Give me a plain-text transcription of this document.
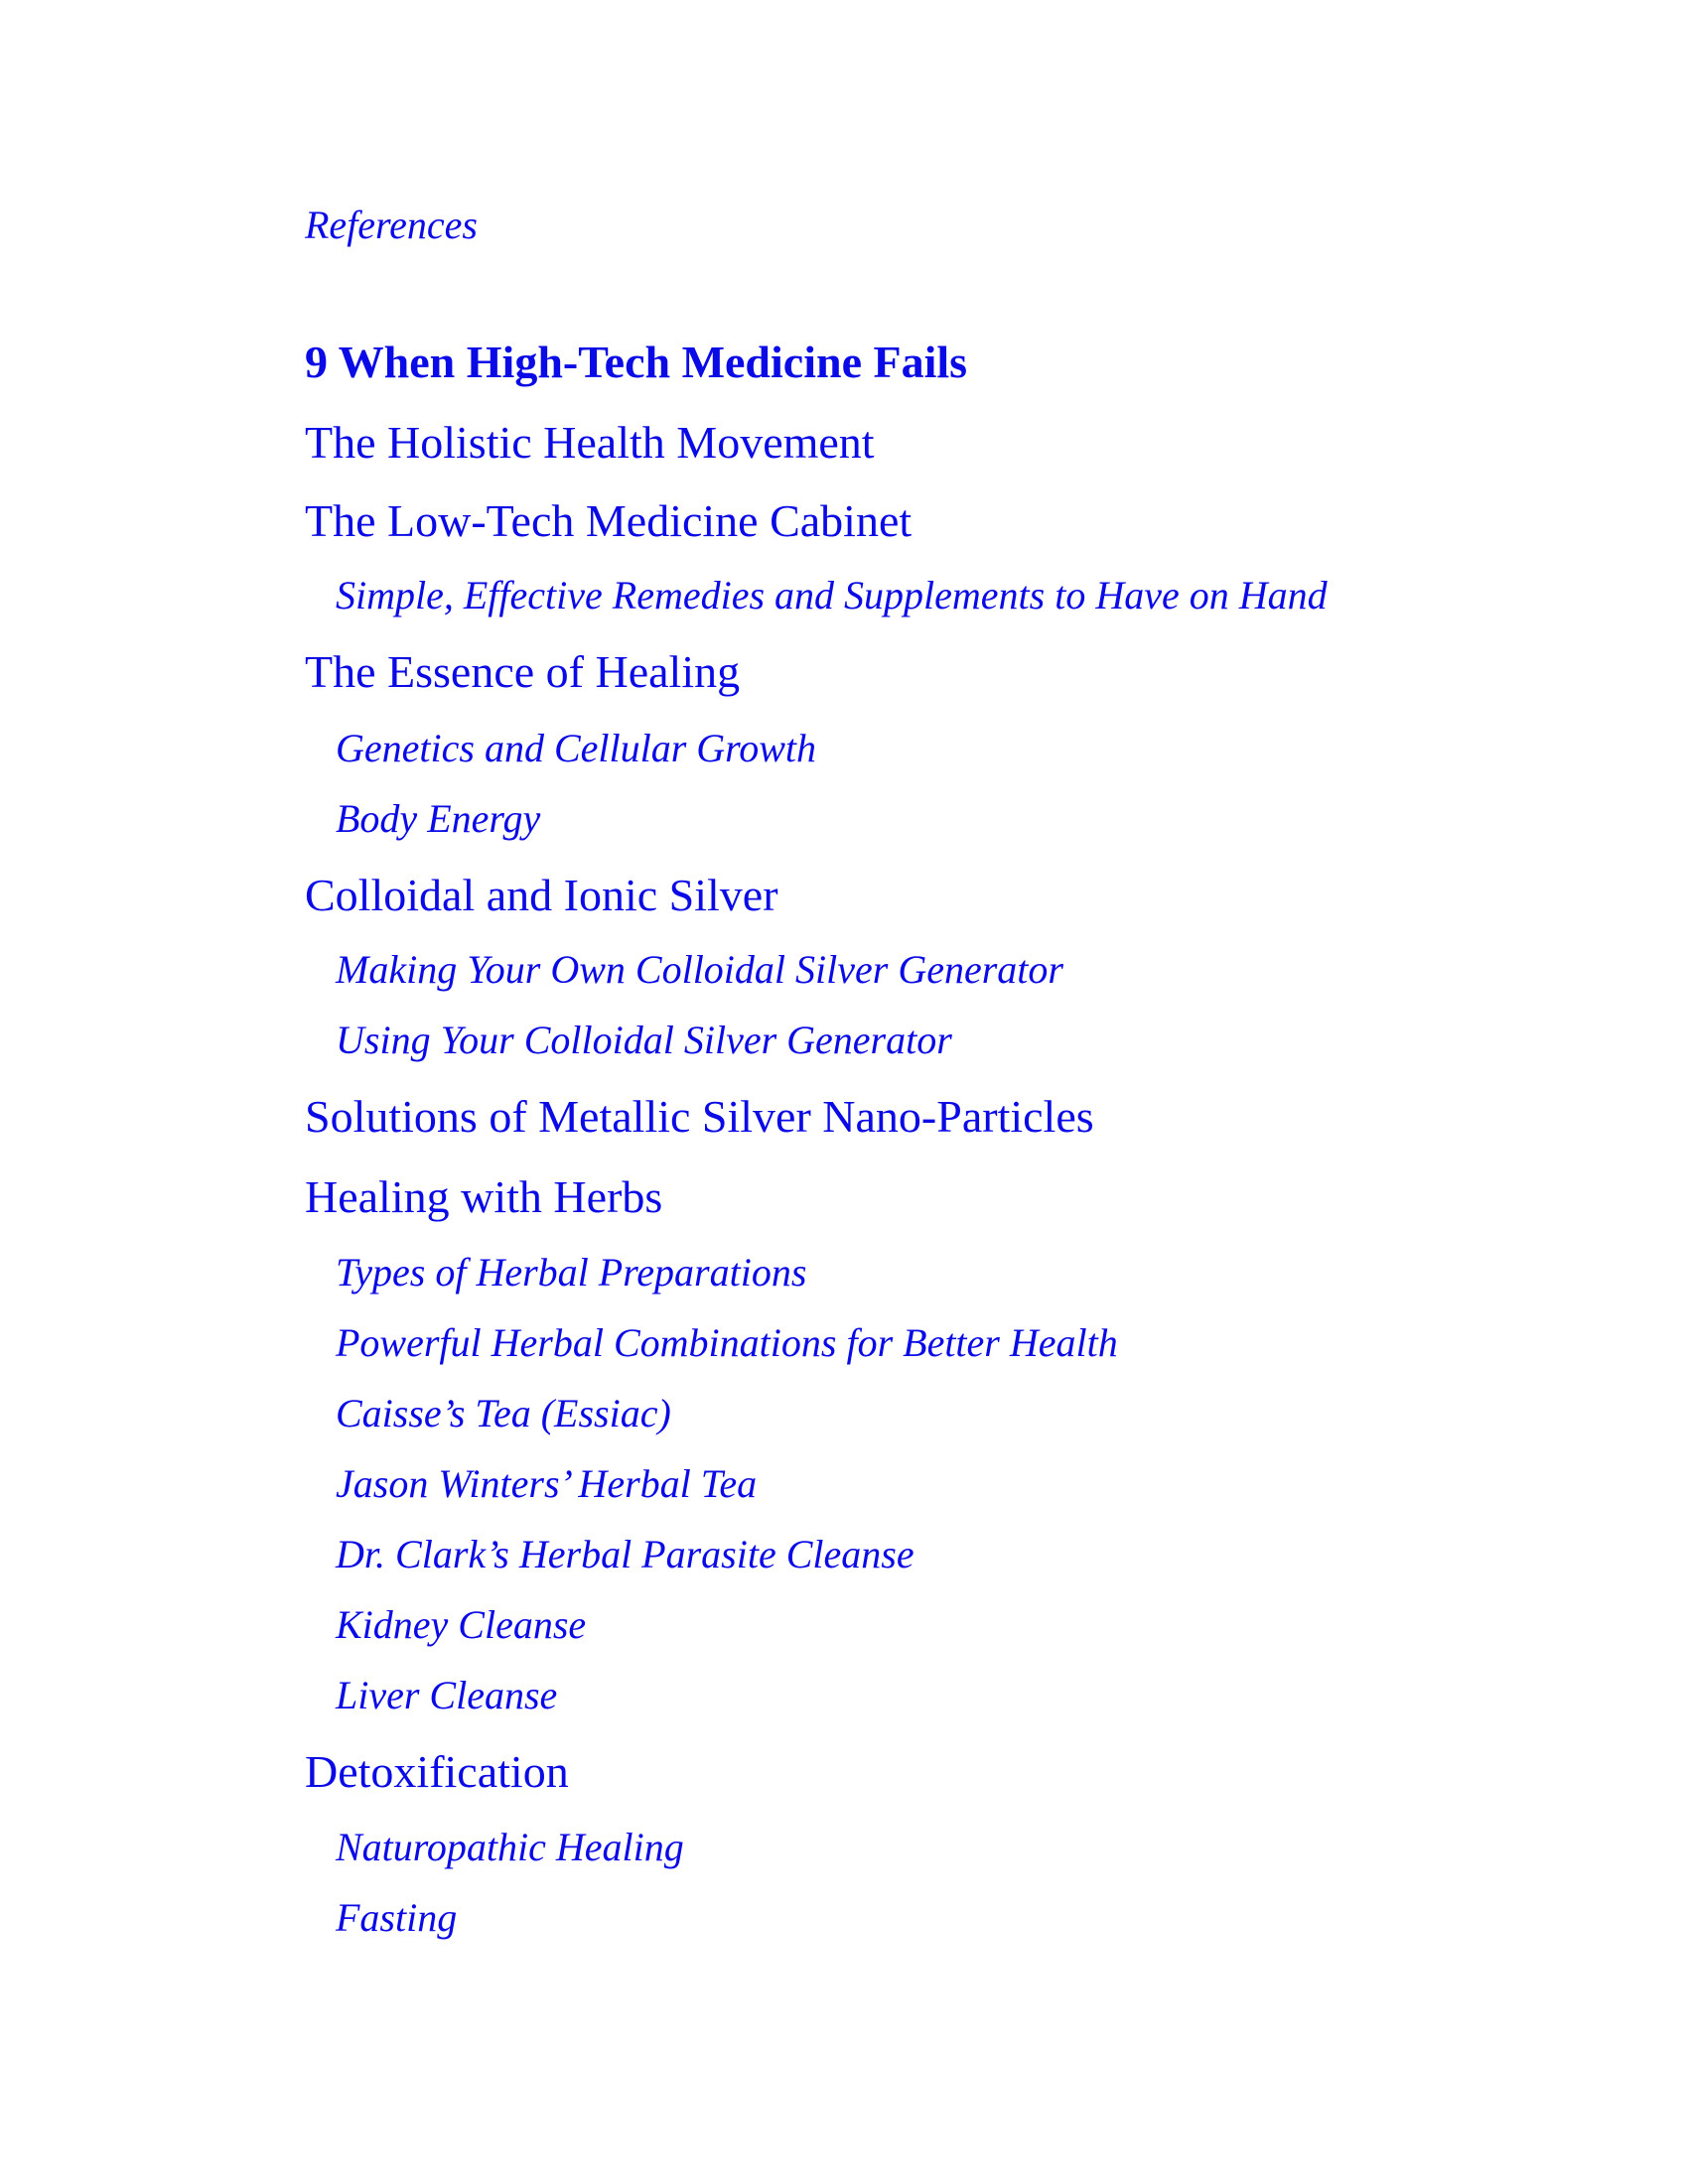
References
9 When High-Tech Medicine Fails
The Holistic Health Movement
The Low-Tech Medicine Cabinet
Simple, Effective Remedies and Supplements to Have on Hand
The Essence of Healing
Genetics and Cellular Growth
Body Energy
Colloidal and Ionic Silver
Making Your Own Colloidal Silver Generator
Using Your Colloidal Silver Generator
Solutions of Metallic Silver Nano-Particles
Healing with Herbs
Types of Herbal Preparations
Powerful Herbal Combinations for Better Health
Caisse’s Tea (Essiac)
Jason Winters’ Herbal Tea
Dr. Clark’s Herbal Parasite Cleanse
Kidney Cleanse
Liver Cleanse
Detoxification
Naturopathic Healing
Fasting
